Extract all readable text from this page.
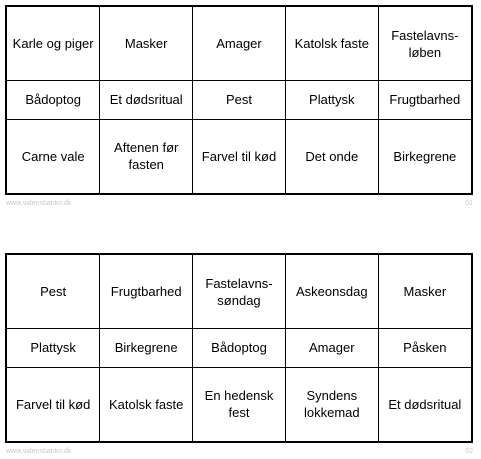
Karle og piger	Masker	Amager	Katolsk faste	Fastelavns-
løben
Bådoptog	Et dødsritual	Pest	Plattysk	Frugtbarhed
Carne vale	Aftenen før
fasten	Farvel til kød	Det onde	Birkegrene
www.vidensbanko.dk	01
Pest	Frugtbarhed	Fastelavns-
søndag	Askeonsdag	Masker
Plattysk	Birkegrene	Bådoptog	Amager	Påsken
Farvel til kød	Katolsk faste	En hedensk
fest	Syndens
lokkemad	Et dødsritual
www.vidensbanko.dk	02
